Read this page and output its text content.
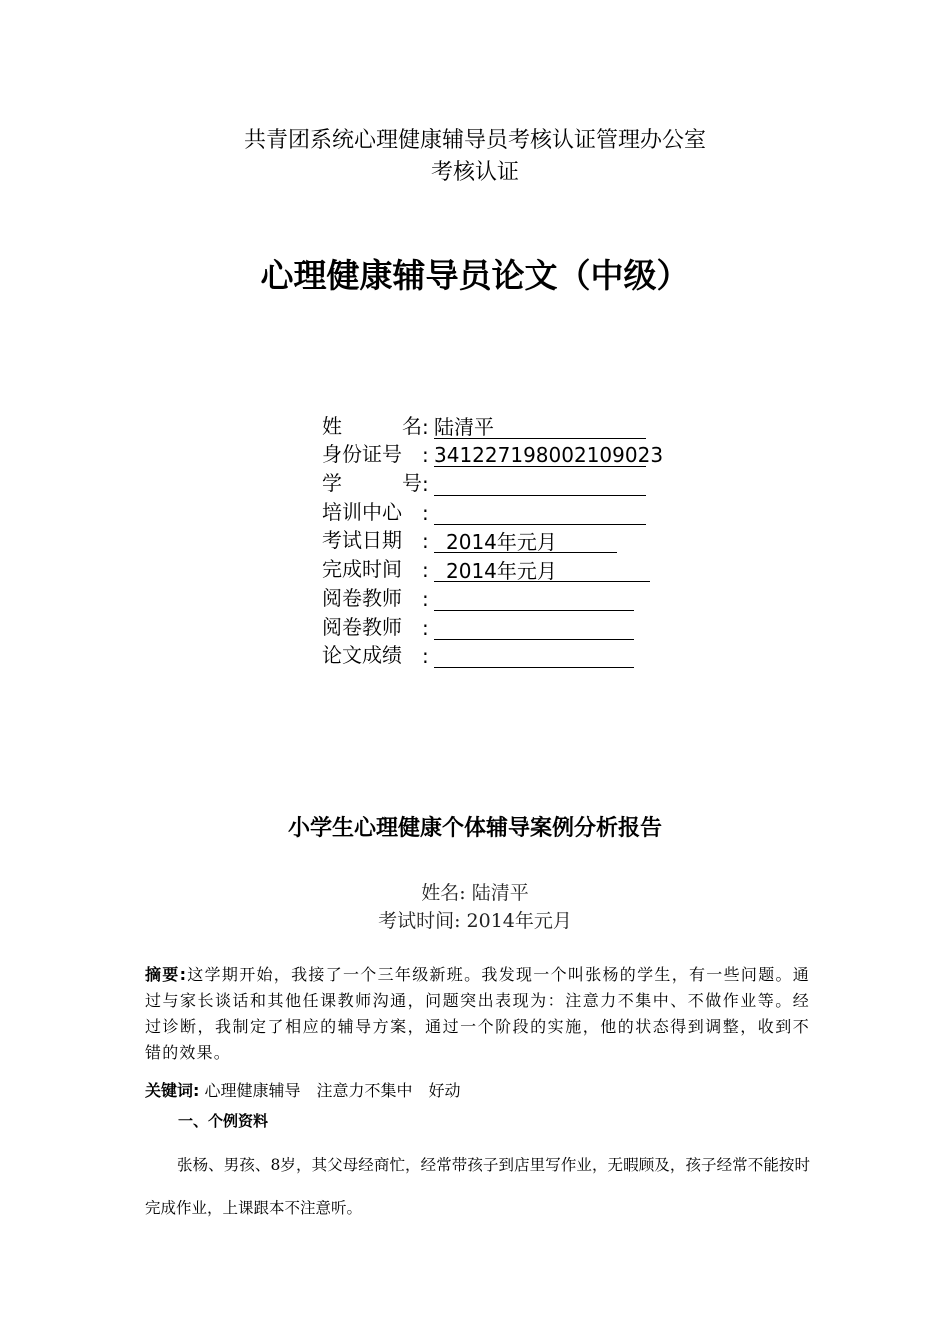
共青团系统心理健康辅导员考核认证管理办公室
考核认证
心理健康辅导员论文（中级）
姓	名 : 陆清平
身份证号	: 341227198002109023
学	号 :
培训中心	:
考试日期	: 2014年元月
完成时间	: 2014年元月
阅卷教师	:
阅卷教师	:
论文成绩	:
小学生心理健康个体辅导案例分析报告
姓名: 陆清平
考试时间: 2014年元月
摘要:这学期开始，我接了一个三年级新班。我发现一个叫张杨的学生，有一些问题。通过与家长谈话和其他任课教师沟通，问题突出表现为：注意力不集中、不做作业等。经过诊断，我制定了相应的辅导方案，通过一个阶段的实施，他的状态得到调整，收到不错的效果。
关键词: 心理健康辅导　注意力不集中　好动
一、个例资料
张杨、男孩、8岁，其父母经商忙，经常带孩子到店里写作业，无暇顾及，孩子经常不能按时完成作业，上课跟本不注意听。
